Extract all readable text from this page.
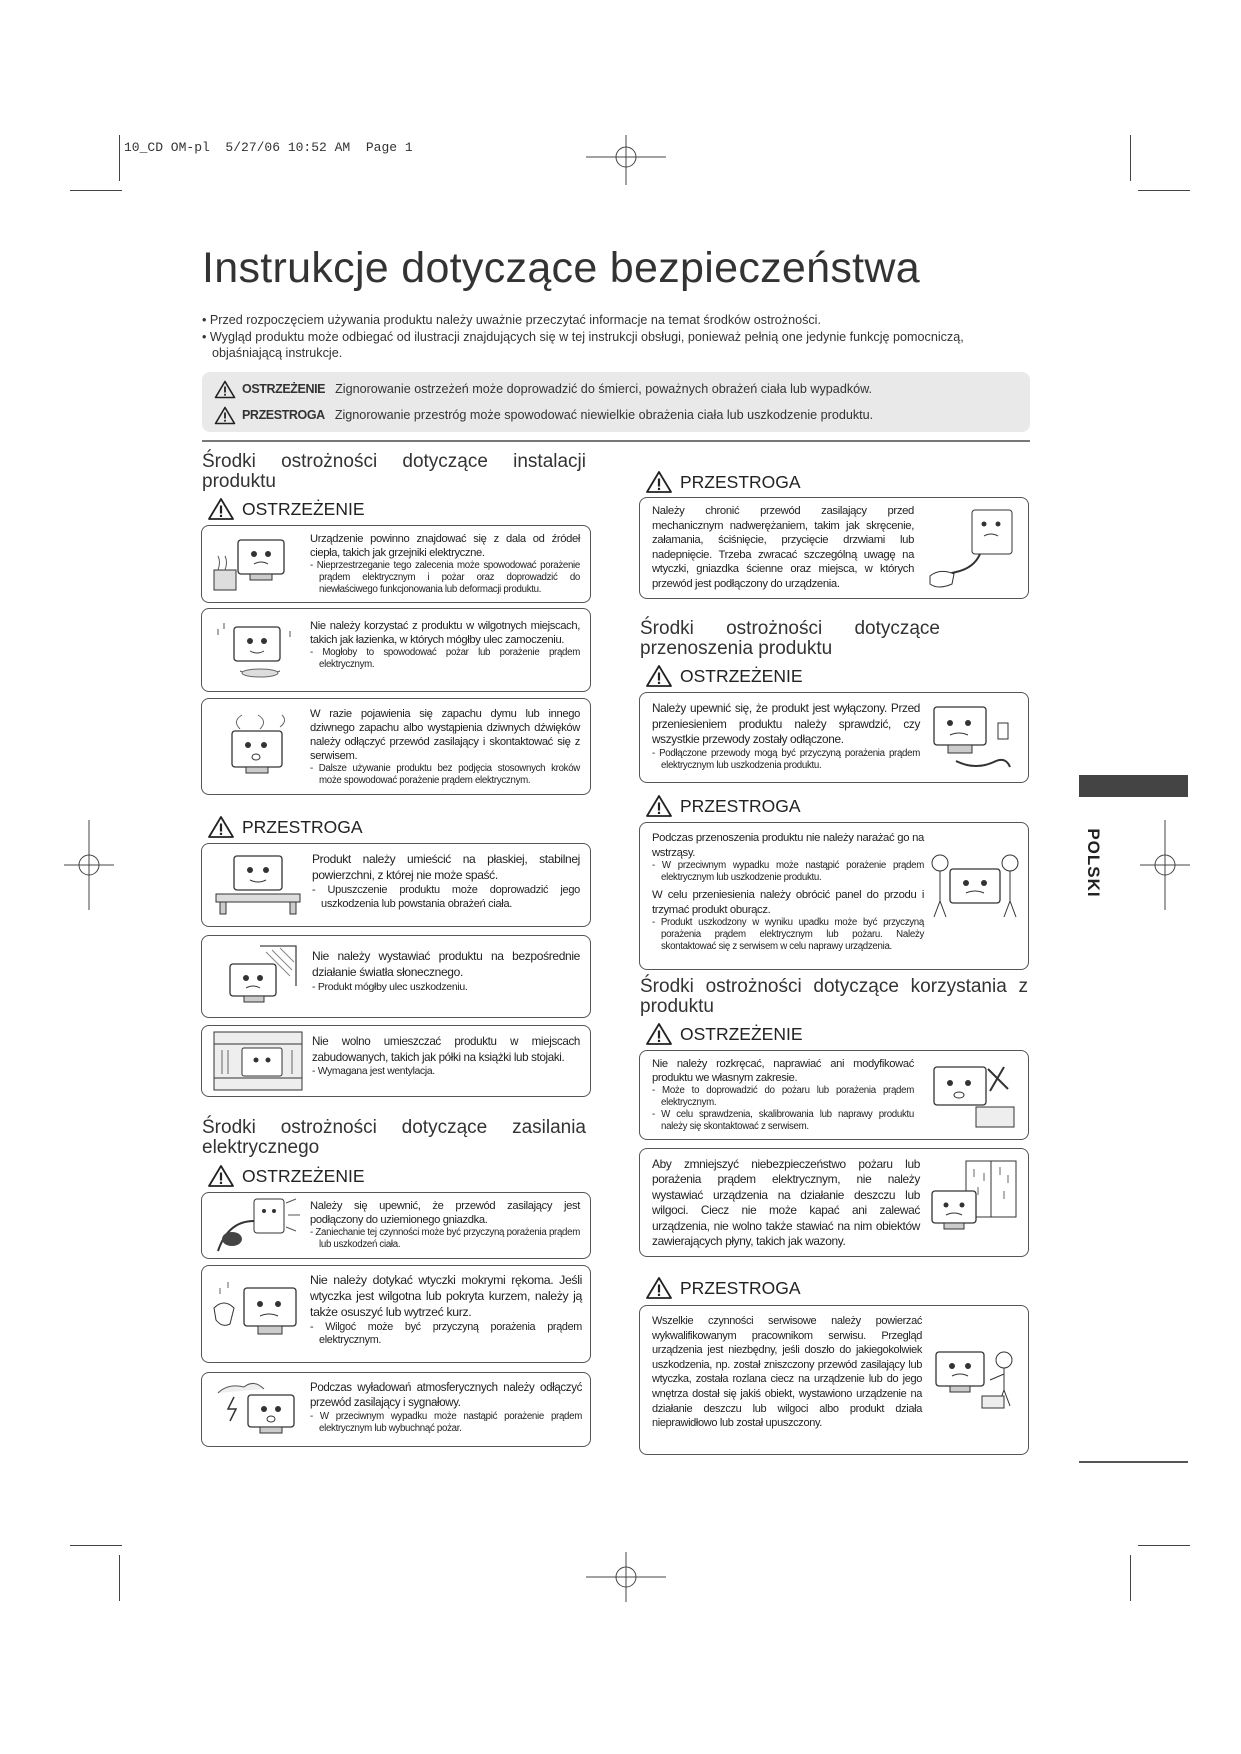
10_CD OM-pl  5/27/06 10:52 AM  Page 1
Instrukcje dotyczące bezpieczeństwa

• Przed rozpoczęciem używania produktu należy uważnie przeczytać informacje na temat środków ostrożności.

• Wygląd produktu może odbiegać od ilustracji znajdujących się w tej instrukcji obsługi, ponieważ pełnią one jedynie funkcję pomocniczą, objaśniającą instrukcje.

OSTRZEŻENIE Zignorowanie ostrzeżeń może doprowadzić do śmierci, poważnych obrażeń ciała lub wypadków.
PRZESTROGA Zignorowanie przestróg może spowodować niewielkie obrażenia ciała lub uszkodzenie produktu.
Środki ostrożności dotyczące instalacji produktu
OSTRZEŻENIE
Urządzenie powinno znajdować się z dala od źródeł ciepła, takich jak grzejniki elektryczne.
- Nieprzestrzeganie tego zalecenia może spowodować porażenie prądem elektrycznym i pożar oraz doprowadzić do niewłaściwego funkcjonowania lub deformacji produktu.
Nie należy korzystać z produktu w wilgotnych miejscach, takich jak łazienka, w których mógłby ulec zamoczeniu.
- Mogłoby to spowodować pożar lub porażenie prądem elektrycznym.
W razie pojawienia się zapachu dymu lub innego dziwnego zapachu albo wystąpienia dziwnych dźwięków należy odłączyć przewód zasilający i skontaktować się z serwisem.
- Dalsze używanie produktu bez podjęcia stosownych kroków może spowodować porażenie prądem elektrycznym.
PRZESTROGA
Produkt należy umieścić na płaskiej, stabilnej powierzchni, z której nie może spaść.
- Upuszczenie produktu może doprowadzić jego uszkodzenia lub powstania obrażeń ciała.
Nie należy wystawiać produktu na bezpośrednie działanie światła słonecznego.
- Produkt mógłby ulec uszkodzeniu.
Nie wolno umieszczać produktu w miejscach zabudowanych, takich jak półki na książki lub stojaki.
- Wymagana jest wentylacja.
Środki ostrożności dotyczące zasilania elektrycznego
OSTRZEŻENIE
Należy się upewnić, że przewód zasilający jest podłączony do uziemionego gniazdka.
- Zaniechanie tej czynności może być przyczyną porażenia prądem lub uszkodzeń ciała.
Nie należy dotykać wtyczki mokrymi rękoma. Jeśli wtyczka jest wilgotna lub pokryta kurzem, należy ją także osuszyć lub wytrzeć kurz.
- Wilgoć może być przyczyną porażenia prądem elektrycznym.
Podczas wyładowań atmosferycznych należy odłączyć przewód zasilający i sygnałowy.
- W przeciwnym wypadku może nastąpić porażenie prądem elektrycznym lub wybuchnąć pożar.
PRZESTROGA
Należy chronić przewód zasilający przed mechanicznym nadwerężaniem, takim jak skręcenie, załamania, ściśnięcie, przycięcie drzwiami lub nadepnięcie. Trzeba zwracać szczególną uwagę na wtyczki, gniazdka ścienne oraz miejsca, w których przewód jest podłączony do urządzenia.
Środki ostrożności dotyczące przenoszenia produktu
OSTRZEŻENIE
Należy upewnić się, że produkt jest wyłączony. Przed przeniesieniem produktu należy sprawdzić, czy wszystkie przewody zostały odłączone.
- Podłączone przewody mogą być przyczyną porażenia prądem elektrycznym lub uszkodzenia produktu.
PRZESTROGA
Podczas przenoszenia produktu nie należy narażać go na wstrząsy.
- W przeciwnym wypadku może nastąpić porażenie prądem elektrycznym lub uszkodzenie produktu.
W celu przeniesienia należy obrócić panel do przodu i trzymać produkt oburącz.
- Produkt uszkodzony w wyniku upadku może być przyczyną porażenia prądem elektrycznym lub pożaru. Należy skontaktować się z serwisem w celu naprawy urządzenia.
Środki ostrożności dotyczące korzystania z produktu
OSTRZEŻENIE
Nie należy rozkręcać, naprawiać ani modyfikować produktu we własnym zakresie.
- Może to doprowadzić do pożaru lub porażenia prądem elektrycznym.
- W celu sprawdzenia, skalibrowania lub naprawy produktu należy się skontaktować z serwisem.
Aby zmniejszyć niebezpieczeństwo pożaru lub porażenia prądem elektrycznym, nie należy wystawiać urządzenia na działanie deszczu lub wilgoci. Ciecz nie może kapać ani zalewać urządzenia, nie wolno także stawiać na nim obiektów zawierających płyny, takich jak wazony.
PRZESTROGA
Wszelkie czynności serwisowe należy powierzać wykwalifikowanym pracownikom serwisu. Przegląd urządzenia jest niezbędny, jeśli doszło do jakiegokolwiek uszkodzenia, np. został zniszczony przewód zasilający lub wtyczka, została rozlana ciecz na urządzenie lub do jego wnętrza dostał się jakiś obiekt, wystawiono urządzenie na działanie deszczu lub wilgoci albo produkt działa nieprawidłowo lub został upuszczony.
POLSKI
